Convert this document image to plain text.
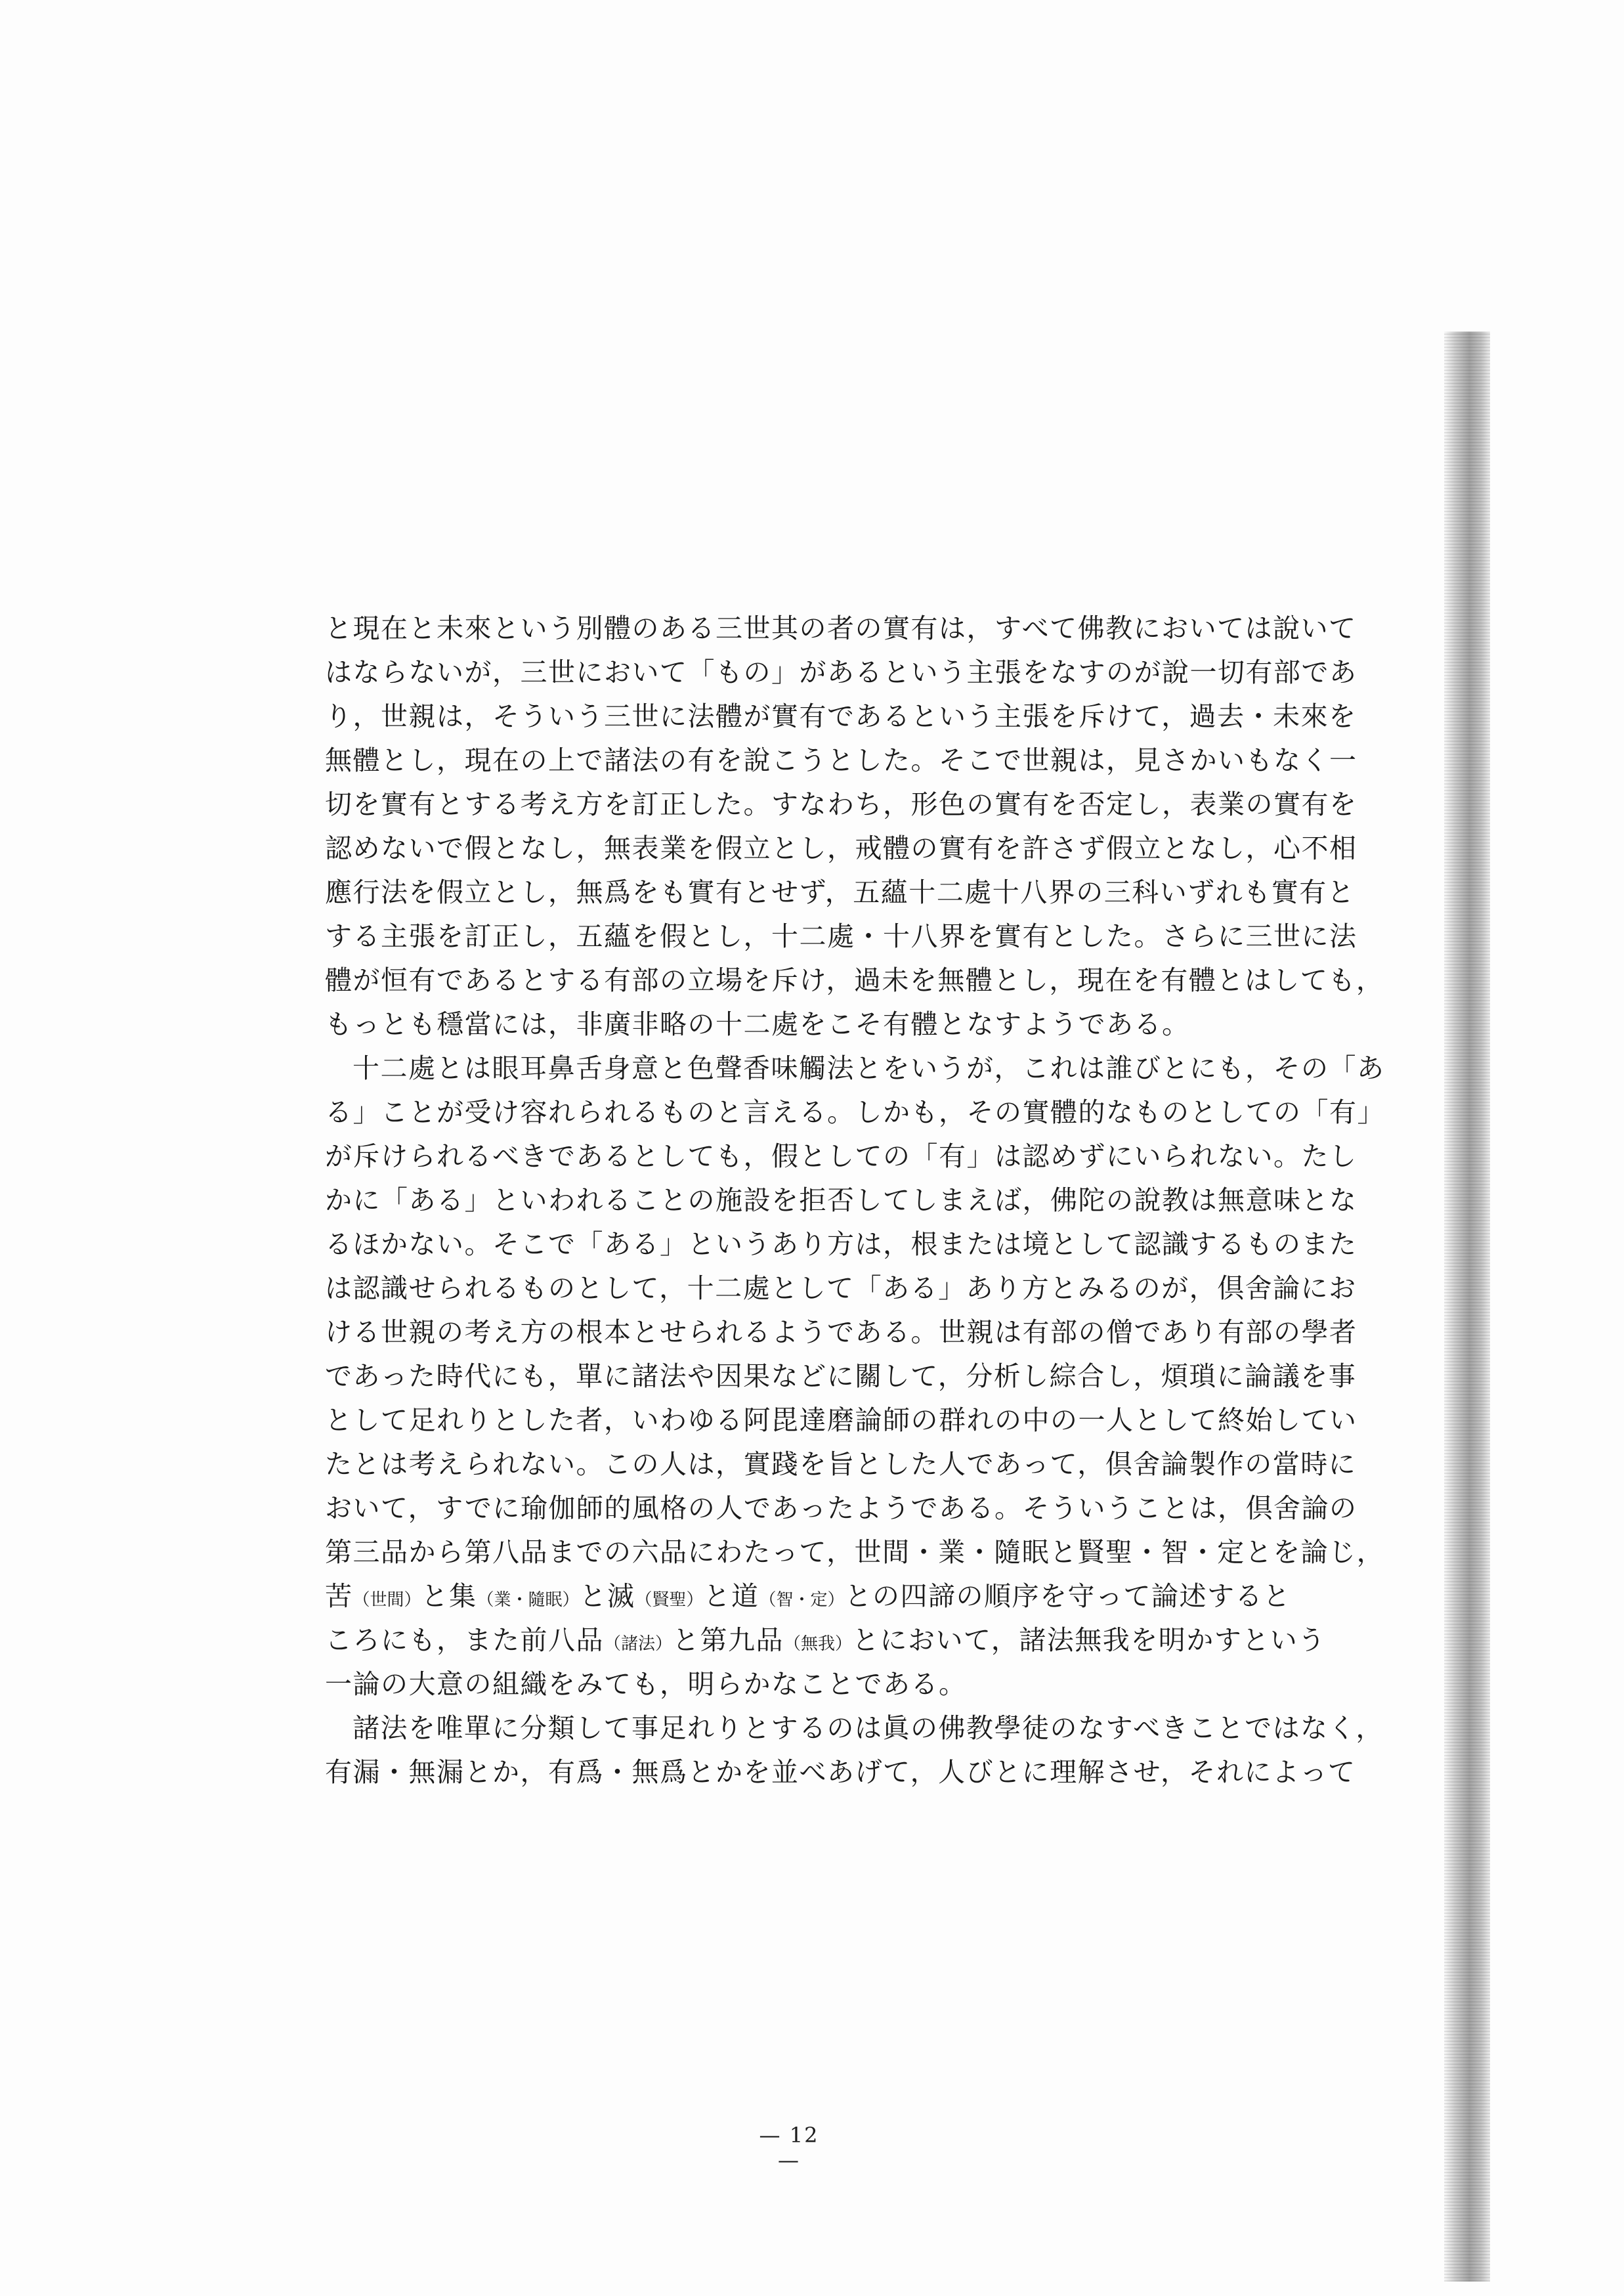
と現在と未來という別體のある三世其の者の實有は，すべて佛教においては說いて
はならないが，三世において「もの」があるという主張をなすのが說一切有部であ
り，世親は，そういう三世に法體が實有であるという主張を斥けて，過去・未來を
無體とし，現在の上で諸法の有を說こうとした。そこで世親は，見さかいもなく一
切を實有とする考え方を訂正した。すなわち，形色の實有を否定し，表業の實有を
認めないで假となし，無表業を假立とし，戒體の實有を許さず假立となし，心不相
應行法を假立とし，無爲をも實有とせず，五蘊十二處十八界の三科いずれも實有と
する主張を訂正し，五蘊を假とし，十二處・十八界を實有とした。さらに三世に法
體が恒有であるとする有部の立場を斥け，過未を無體とし，現在を有體とはしても，
もっとも穩當には，非廣非略の十二處をこそ有體となすようである。
十二處とは眼耳鼻舌身意と色聲香味觸法とをいうが，これは誰びとにも，その「あ
る」ことが受け容れられるものと言える。しかも，その實體的なものとしての「有」
が斥けられるべきであるとしても，假としての「有」は認めずにいられない。たし
かに「ある」といわれることの施設を拒否してしまえば，佛陀の說教は無意味とな
るほかない。そこで「ある」というあり方は，根または境として認識するものまた
は認識せられるものとして，十二處として「ある」あり方とみるのが，倶舍論にお
ける世親の考え方の根本とせられるようである。世親は有部の僧であり有部の學者
であった時代にも，單に諸法や因果などに關して，分析し綜合し，煩瑣に論議を事
として足れりとした者，いわゆる阿毘達磨論師の群れの中の一人として終始してい
たとは考えられない。この人は，實踐を旨とした人であって，倶舍論製作の當時に
おいて，すでに瑜伽師的風格の人であったようである。そういうことは，倶舍論の
第三品から第八品までの六品にわたって，世間・業・隨眠と賢聖・智・定とを論じ，
苦（世間）と集（業・隨眠）と滅（賢聖）と道（智・定）との四諦の順序を守って論述すると
ころにも，また前八品（諸法）と第九品（無我）とにおいて，諸法無我を明かすという
一論の大意の組織をみても，明らかなことである。
諸法を唯單に分類して事足れりとするのは眞の佛教學徒のなすべきことではなく，
有漏・無漏とか，有爲・無爲とかを並べあげて，人びとに理解させ，それによって
— 12 —
